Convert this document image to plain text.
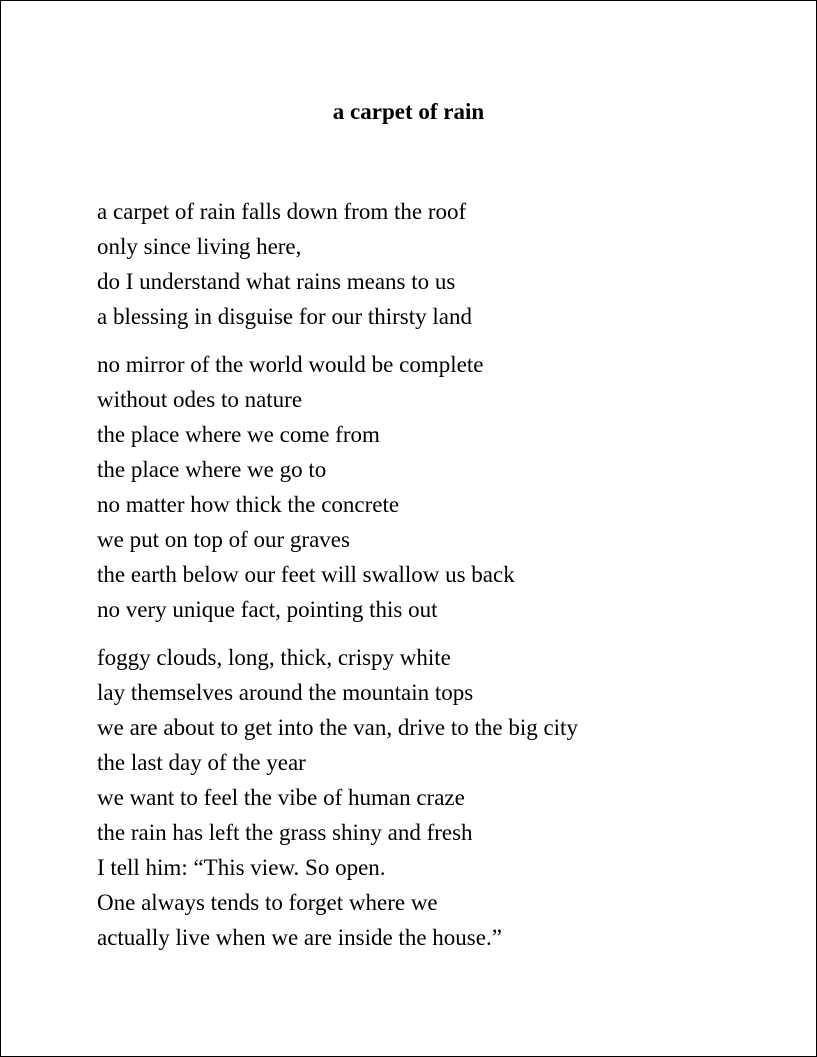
a carpet of rain
a carpet of rain falls down from the roof
only since living here,
do I understand what rains means to us
a blessing in disguise for our thirsty land
no mirror of the world would be complete
without odes to nature
the place where we come from
the place where we go to
no matter how thick the concrete
we put on top of our graves
the earth below our feet will swallow us back
no very unique fact, pointing this out
foggy clouds, long, thick, crispy white
lay themselves around the mountain tops
we are about to get into the van, drive to the big city
the last day of the year
we want to feel the vibe of human craze
the rain has left the grass shiny and fresh
I tell him: “This view. So open.
One always tends to forget where we
actually live when we are inside the house.”
